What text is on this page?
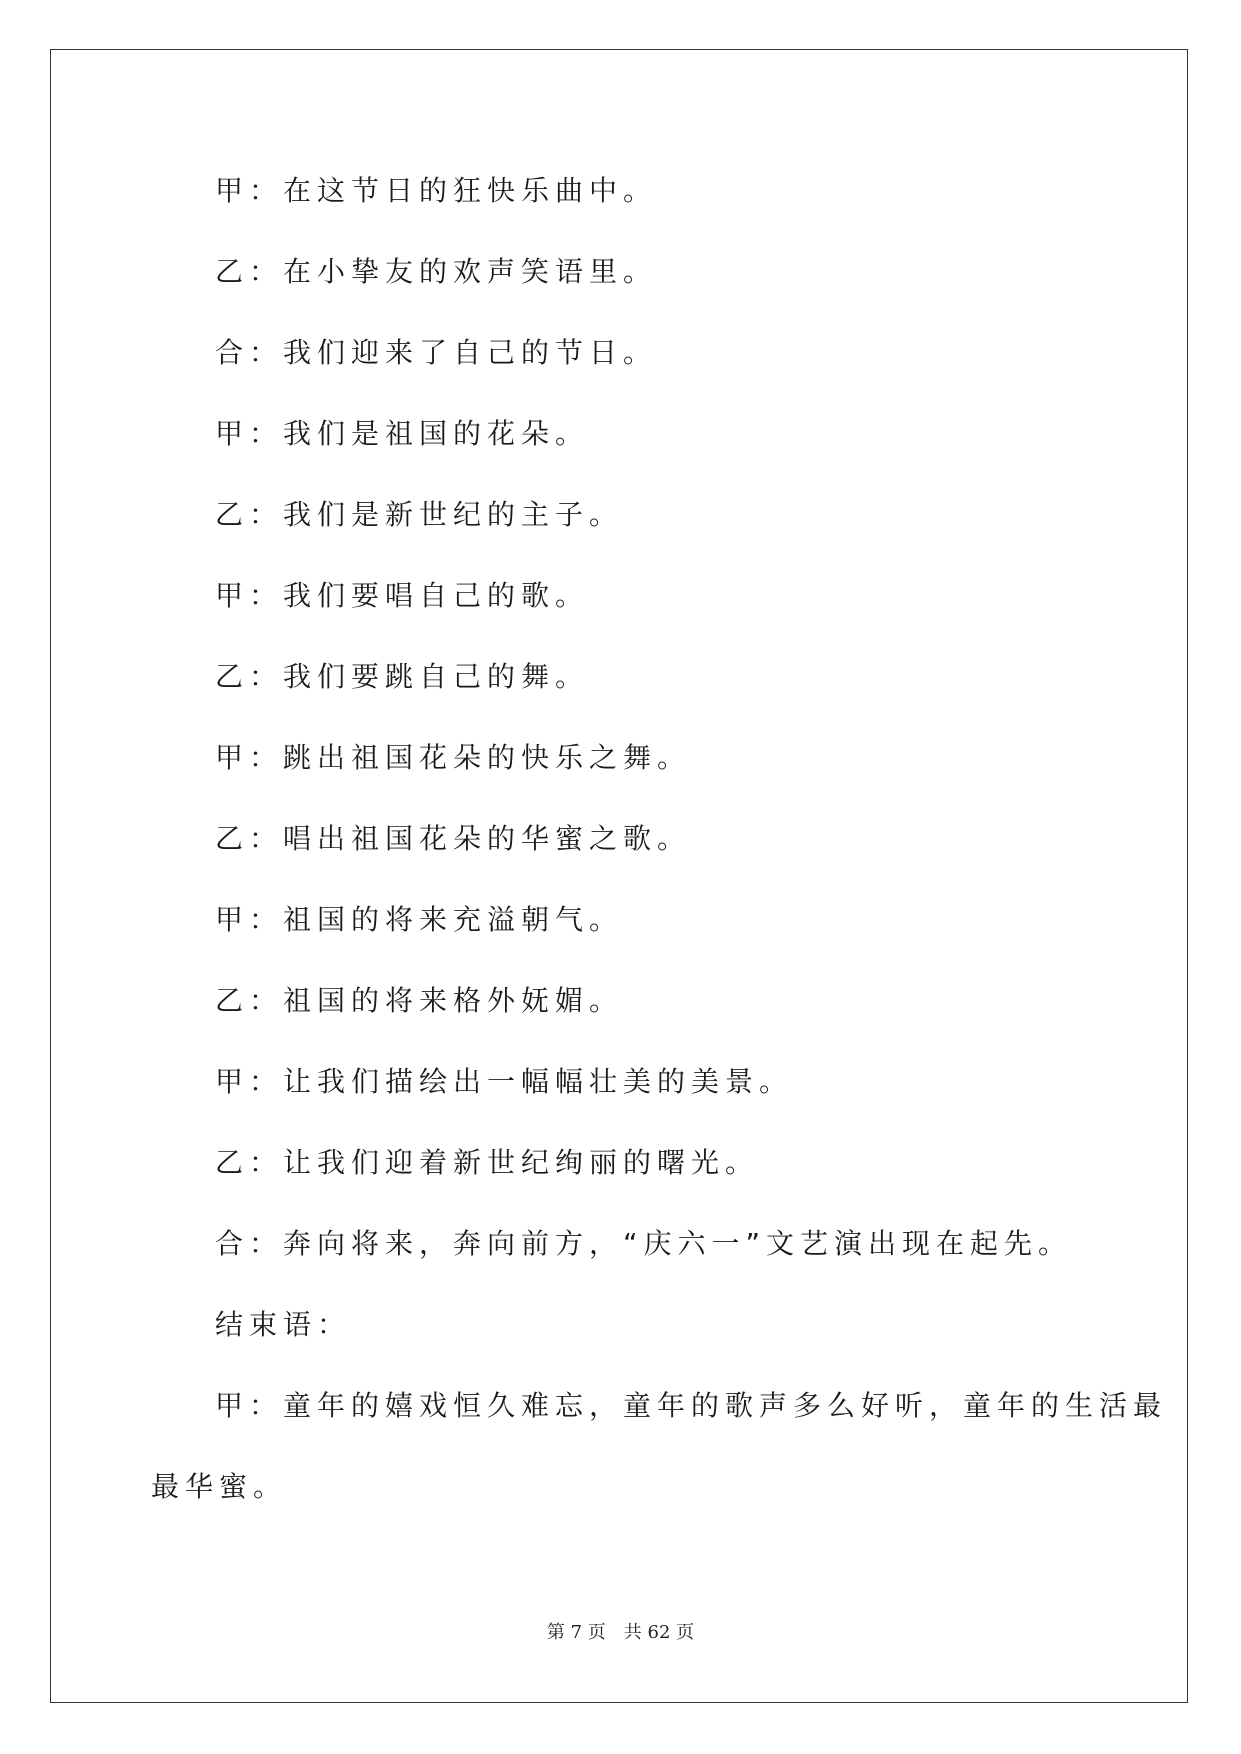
甲：在这节日的狂快乐曲中。
乙：在小挚友的欢声笑语里。
合：我们迎来了自己的节日。
甲：我们是祖国的花朵。
乙：我们是新世纪的主子。
甲：我们要唱自己的歌。
乙：我们要跳自己的舞。
甲：跳出祖国花朵的快乐之舞。
乙：唱出祖国花朵的华蜜之歌。
甲：祖国的将来充溢朝气。
乙：祖国的将来格外妩媚。
甲：让我们描绘出一幅幅壮美的美景。
乙：让我们迎着新世纪绚丽的曙光。
合：奔向将来，奔向前方，“庆六一”文艺演出现在起先。
结束语：
甲：童年的嬉戏恒久难忘，童年的歌声多么好听，童年的生活最
最华蜜。
第 7 页 共 62 页
